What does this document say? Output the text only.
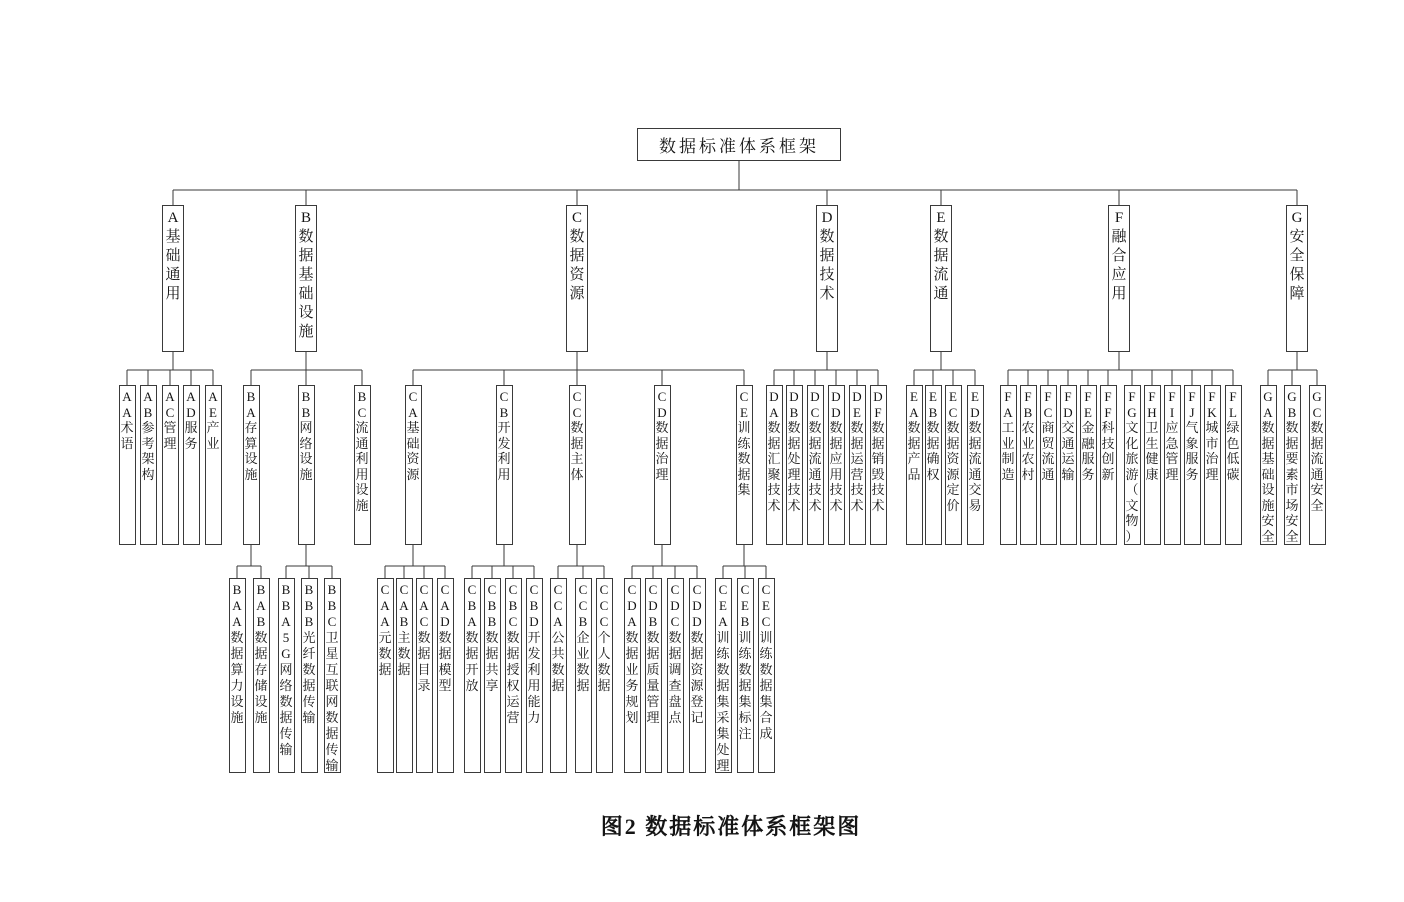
数据标准体系框架
A
基
础
通
用
A
A
术
语
A
B
参
考
架
构
A
C
管
理
A
D
服
务
A
E
产
业
B
数
据
基
础
设
施
B
A
存
算
设
施
B
A
A
数
据
算
力
设
施
B
A
B
数
据
存
储
设
施
B
B
网
络
设
施
B
B
A
5
G
网
络
数
据
传
输
B
B
B
光
纤
数
据
传
输
B
B
C
卫
星
互
联
网
数
据
传
输
B
C
流
通
利
用
设
施
C
数
据
资
源
C
A
基
础
资
源
C
A
A
元
数
据
C
A
B
主
数
据
C
A
C
数
据
目
录
C
A
D
数
据
模
型
C
B
开
发
利
用
C
B
A
数
据
开
放
C
B
B
数
据
共
享
C
B
C
数
据
授
权
运
营
C
B
D
开
发
利
用
能
力
C
C
数
据
主
体
C
C
A
公
共
数
据
C
C
B
企
业
数
据
C
C
C
个
人
数
据
C
D
数
据
治
理
C
D
A
数
据
业
务
规
划
C
D
B
数
据
质
量
管
理
C
D
C
数
据
调
查
盘
点
C
D
D
数
据
资
源
登
记
C
E
训
练
数
据
集
C
E
A
训
练
数
据
集
采
集
处
理
C
E
B
训
练
数
据
集
标
注
C
E
C
训
练
数
据
集
合
成
D
数
据
技
术
D
A
数
据
汇
聚
技
术
D
B
数
据
处
理
技
术
D
C
数
据
流
通
技
术
D
D
数
据
应
用
技
术
D
E
数
据
运
营
技
术
D
F
数
据
销
毁
技
术
E
数
据
流
通
E
A
数
据
产
品
E
B
数
据
确
权
E
C
数
据
资
源
定
价
E
D
数
据
流
通
交
易
F
融
合
应
用
F
A
工
业
制
造
F
B
农
业
农
村
F
C
商
贸
流
通
F
D
交
通
运
输
F
E
金
融
服
务
F
F
科
技
创
新
F
G
文
化
旅
游
（
文
物
）
F
H
卫
生
健
康
F
I
应
急
管
理
F
J
气
象
服
务
F
K
城
市
治
理
F
L
绿
色
低
碳
G
安
全
保
障
G
A
数
据
基
础
设
施
安
全
G
B
数
据
要
素
市
场
安
全
G
C
数
据
流
通
安
全
图2 数据标准体系框架图
